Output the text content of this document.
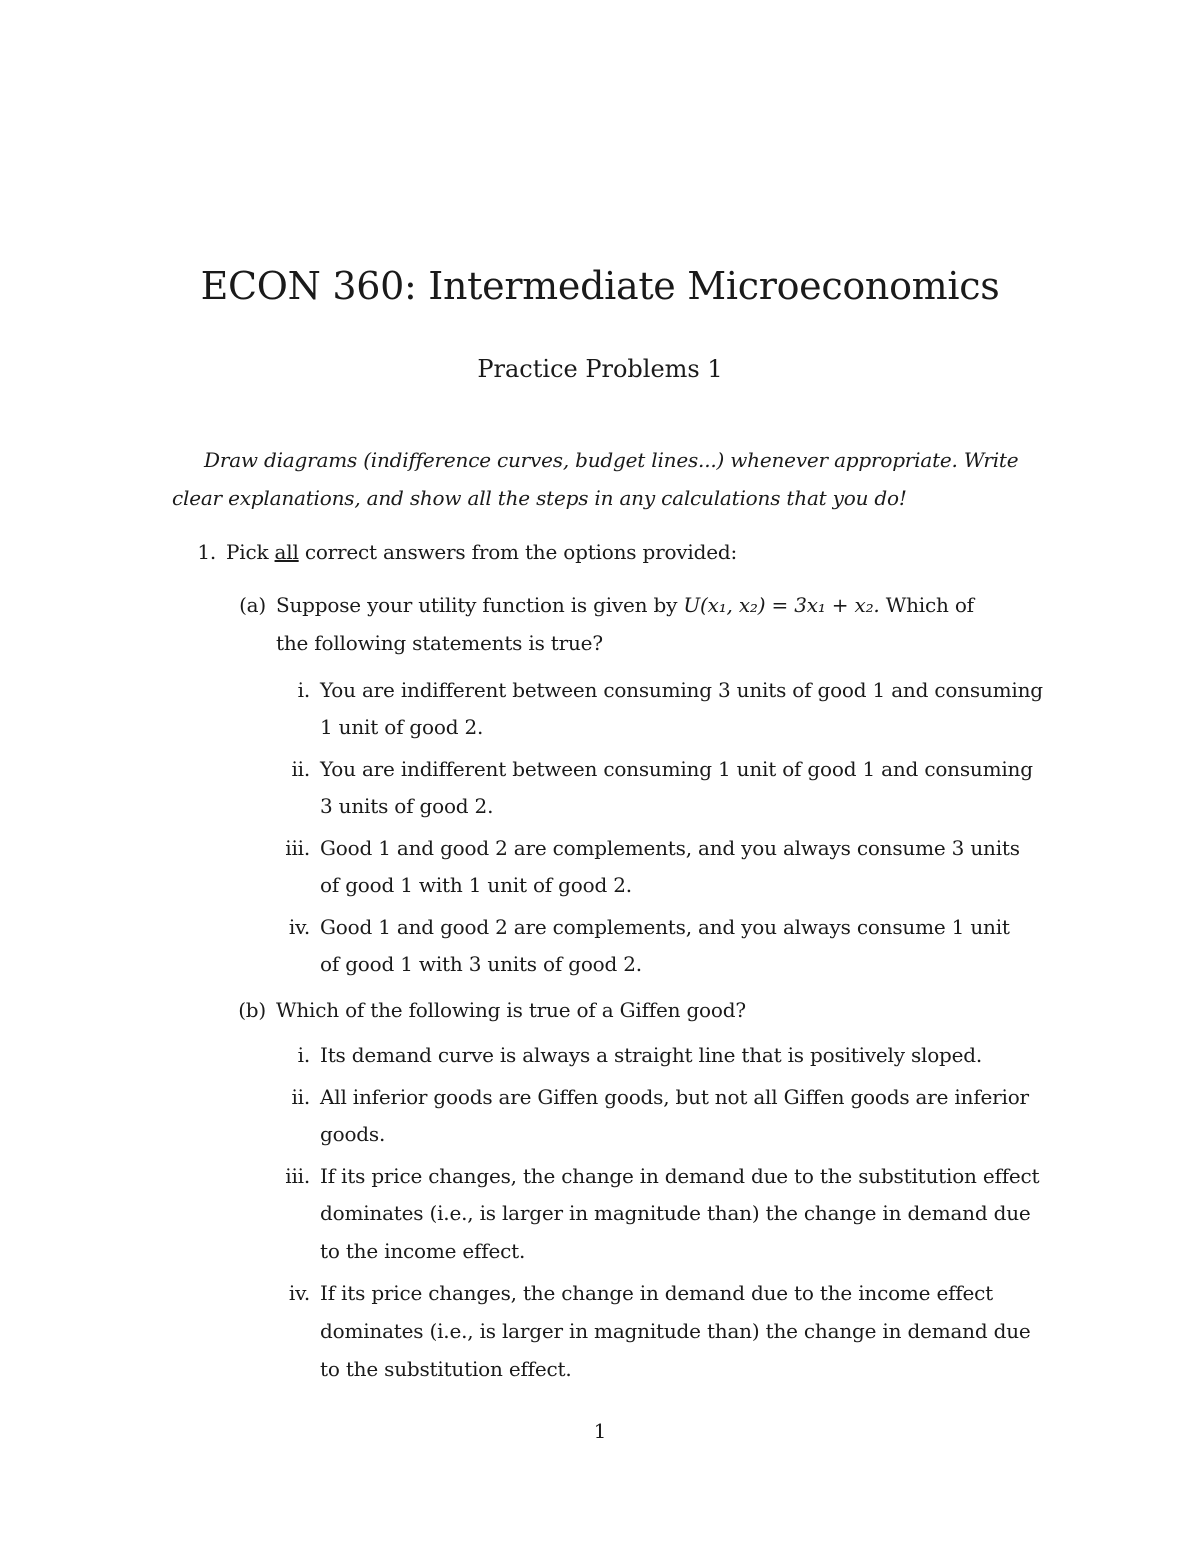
ECON 360: Intermediate Microeconomics
Practice Problems 1
Draw diagrams (indifference curves, budget lines...) whenever appropriate. Write
clear explanations, and show all the steps in any calculations that you do!
1. Pick all correct answers from the options provided:
(a) Suppose your utility function is given by U(x₁, x₂) = 3x₁ + x₂. Which of
the following statements is true?
i. You are indifferent between consuming 3 units of good 1 and consuming
1 unit of good 2.
ii. You are indifferent between consuming 1 unit of good 1 and consuming
3 units of good 2.
iii. Good 1 and good 2 are complements, and you always consume 3 units
of good 1 with 1 unit of good 2.
iv. Good 1 and good 2 are complements, and you always consume 1 unit
of good 1 with 3 units of good 2.
(b) Which of the following is true of a Giffen good?
i. Its demand curve is always a straight line that is positively sloped.
ii. All inferior goods are Giffen goods, but not all Giffen goods are inferior
goods.
iii. If its price changes, the change in demand due to the substitution effect
dominates (i.e., is larger in magnitude than) the change in demand due
to the income effect.
iv. If its price changes, the change in demand due to the income effect
dominates (i.e., is larger in magnitude than) the change in demand due
to the substitution effect.
1
